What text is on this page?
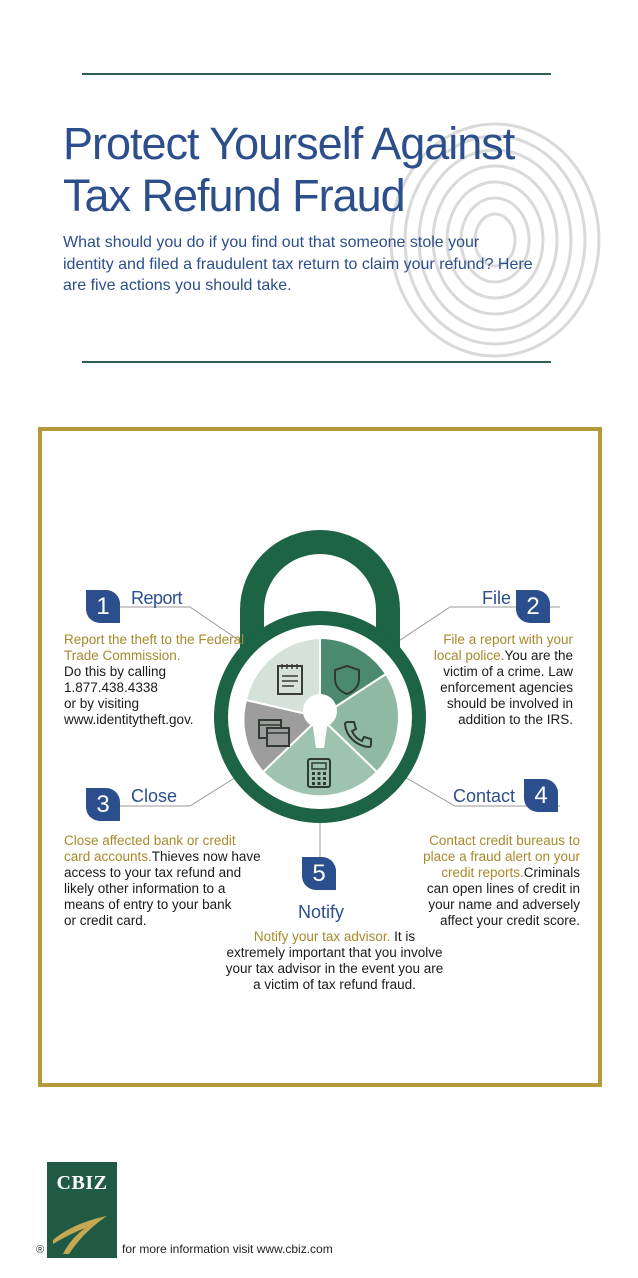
Protect Yourself Against
Tax Refund Fraud

What should you do if you find out that someone stole your identity and filed a fraudulent tax return to claim your refund? Here are five actions you should take.

1	Report

Report the theft to the Federal Trade Commission.
Do this by calling
1.877.438.4338
or by visiting
www.identitytheft.gov.

2
File

File a report with your
local police.You are the
victim of a crime. Law
enforcement agencies
should be involved in
addition to the IRS.

3	Close

Close affected bank or credit
card accounts.Thieves now have
access to your tax refund and
likely other information to a
means of entry to your bank
or credit card.

4
Contact

Contact credit bureaus to
place a fraud alert on your
credit reports.Criminals
can open lines of credit in
your name and adversely
affect your credit score.

5
Notify

Notify your tax advisor. It is
extremely important that you involve
your tax advisor in the event you are
a victim of tax refund fraud.

CBIZ
®	for more information visit www.cbiz.com
